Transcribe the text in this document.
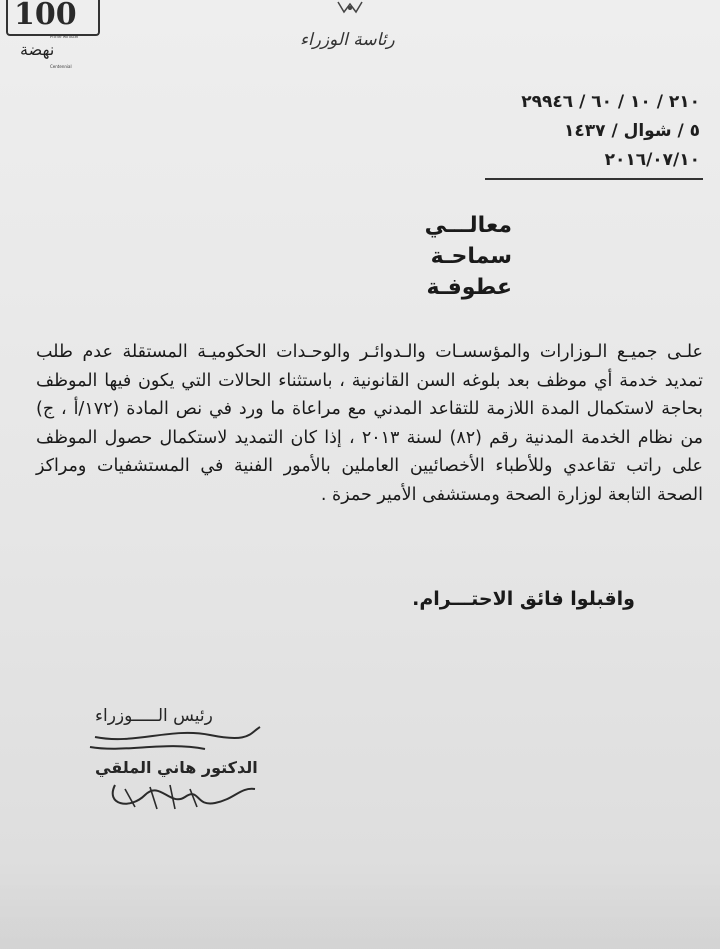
100
Prime Minister Centennial
نهضة	رئاسة الوزراء
٢١٠ / ١٠ / ٦٠ / ٢٩٩٤٦
٥ / شوال / ١٤٣٧
٢٠١٦/٠٧/١٠
معالـــي
سماحـة
عطوفـة
علـى جميـع الـوزارات والمؤسسـات والـدوائـر والوحـدات الحكوميـة المستقلة عدم طلب تمديد خدمة أي موظف بعد بلوغه السن القانونية ، باستثناء الحالات التي يكون فيها الموظف بحاجة لاستكمال المدة اللازمة للتقاعد المدني مع مراعاة ما ورد في نص المادة (١٧٢/أ ، ج) من نظام الخدمة المدنية رقم (٨٢) لسنة ٢٠١٣ ، إذا كان التمديد لاستكمال حصول الموظف على راتب تقاعدي وللأطباء الأخصائيين العاملين بالأمور الفنية في المستشفيات ومراكز الصحة التابعة لوزارة الصحة ومستشفى الأمير حمزة .
واقبلوا فائق الاحتـــرام.
رئيس الـــــوزراء
الدكتور هاني الملقي
